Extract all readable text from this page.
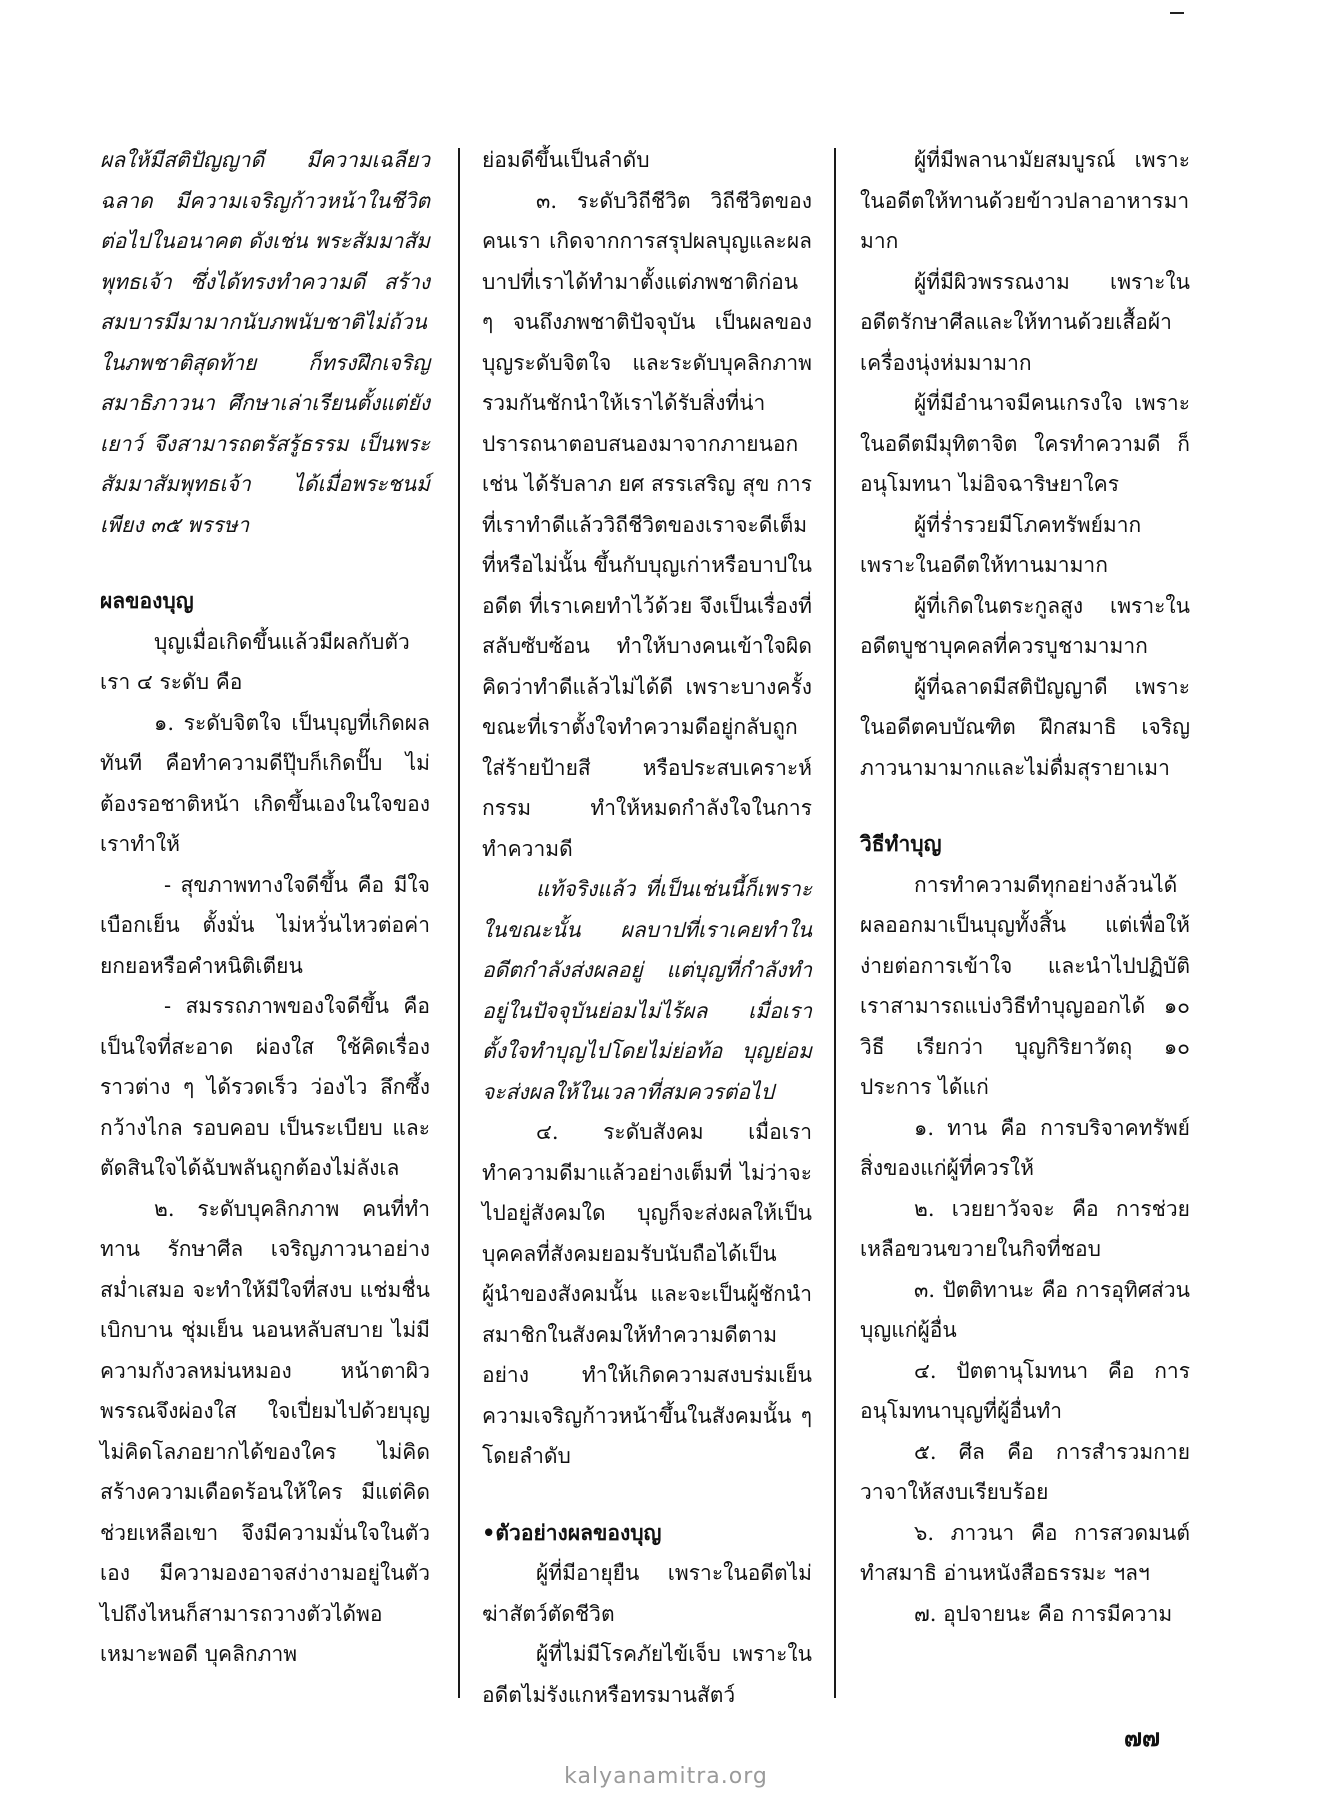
ผลให้มีสติปัญญาดี มีความเฉลียวฉลาด มีความเจริญก้าวหน้าในชีวิตต่อไปในอนาคต ดังเช่น พระสัมมาสัมพุทธเจ้า ซึ่งได้ทรงทำความดี สร้างสมบารมีมามากนับภพนับชาติไม่ถ้วน ในภพชาติสุดท้าย ก็ทรงฝึกเจริญสมาธิภาวนา ศึกษาเล่าเรียนตั้งแต่ยังเยาว์ จึงสามารถตรัสรู้ธรรม เป็นพระสัมมาสัมพุทธเจ้า ได้เมื่อพระชนม์เพียง ๓๕ พรรษา

ผลของบุญ

บุญเมื่อเกิดขึ้นแล้วมีผลกับตัวเรา ๔ ระดับ คือ

๑. ระดับจิตใจ เป็นบุญที่เกิดผลทันที คือทำความดีปุ๊บก็เกิดปั๊บ ไม่ต้องรอชาติหน้า เกิดขึ้นเองในใจของเราทำให้

- สุขภาพทางใจดีขึ้น คือ มีใจเบือกเย็น ตั้งมั่น ไม่หวั่นไหวต่อค่ายกยอหรือคำหนิติเตียน

- สมรรถภาพของใจดีขึ้น คือ เป็นใจที่สะอาด ผ่องใส ใช้คิดเรื่องราวต่าง ๆ ได้รวดเร็ว ว่องไว ลึกซึ้ง กว้างไกล รอบคอบ เป็นระเบียบ และตัดสินใจได้ฉับพลันถูกต้องไม่ลังเล

๒. ระดับบุคลิกภาพ คนที่ทำทาน รักษาศีล เจริญภาวนาอย่างสม่ำเสมอ จะทำให้มีใจที่สงบ แช่มชื่น เบิกบาน ชุ่มเย็น นอนหลับสบาย ไม่มีความกังวลหม่นหมอง หน้าตาผิวพรรณจึงผ่องใส ใจเปี่ยมไปด้วยบุญ ไม่คิดโลภอยากได้ของใคร ไม่คิดสร้างความเดือดร้อนให้ใคร มีแต่คิดช่วยเหลือเขา จึงมีความมั่นใจในตัวเอง มีความองอาจสง่างามอยู่ในตัว ไปถึงไหนก็สามารถวางตัวได้พอเหมาะพอดี บุคลิกภาพ

ย่อมดีขึ้นเป็นลำดับ

๓. ระดับวิถีชีวิต วิถีชีวิตของคนเรา เกิดจากการสรุปผลบุญและผลบาปที่เราได้ทำมาตั้งแต่ภพชาติก่อน ๆ จนถึงภพชาติปัจจุบัน เป็นผลของบุญระดับจิตใจ และระดับบุคลิกภาพ รวมกันชักนำให้เราได้รับสิ่งที่น่าปรารถนาตอบสนองมาจากภายนอก เช่น ได้รับลาภ ยศ สรรเสริญ สุข การที่เราทำดีแล้ววิถีชีวิตของเราจะดีเต็มที่หรือไม่นั้น ขึ้นกับบุญเก่าหรือบาปในอดีต ที่เราเคยทำไว้ด้วย จึงเป็นเรื่องที่สลับซับซ้อน ทำให้บางคนเข้าใจผิด คิดว่าทำดีแล้วไม่ได้ดี เพราะบางครั้งขณะที่เราตั้งใจทำความดีอยู่กลับถูกใส่ร้ายป้ายสี หรือประสบเคราะห์กรรม ทำให้หมดกำลังใจในการทำความดี

แท้จริงแล้ว ที่เป็นเช่นนี้ก็เพราะในขณะนั้น ผลบาปที่เราเคยทำในอดีตกำลังส่งผลอยู่ แต่บุญที่กำลังทำอยู่ในปัจจุบันย่อมไม่ไร้ผล เมื่อเราตั้งใจทำบุญไปโดยไม่ย่อท้อ บุญย่อมจะส่งผลให้ในเวลาที่สมควรต่อไป

๔. ระดับสังคม เมื่อเราทำความดีมาแล้วอย่างเต็มที่ ไม่ว่าจะไปอยู่สังคมใด บุญก็จะส่งผลให้เป็นบุคคลที่สังคมยอมรับนับถือได้เป็นผู้นำของสังคมนั้น และจะเป็นผู้ชักนำสมาชิกในสังคมให้ทำความดีตามอย่าง ทำให้เกิดความสงบร่มเย็น ความเจริญก้าวหน้าขึ้นในสังคมนั้น ๆ โดยลำดับ

•ตัวอย่างผลของบุญ

ผู้ที่มีอายุยืน เพราะในอดีตไม่ฆ่าสัตว์ตัดชีวิต

ผู้ที่ไม่มีโรคภัยไข้เจ็บ เพราะในอดีตไม่รังแกหรือทรมานสัตว์

ผู้ที่มีพลานามัยสมบูรณ์ เพราะในอดีตให้ทานด้วยข้าวปลาอาหารมามาก

ผู้ที่มีผิวพรรณงาม เพราะในอดีตรักษาศีลและให้ทานด้วยเสื้อผ้า เครื่องนุ่งห่มมามาก

ผู้ที่มีอำนาจมีคนเกรงใจ เพราะในอดีตมีมุทิตาจิต ใครทำความดี ก็อนุโมทนา ไม่อิจฉาริษยาใคร

ผู้ที่ร่ำรวยมีโภคทรัพย์มาก เพราะในอดีตให้ทานมามาก

ผู้ที่เกิดในตระกูลสูง เพราะในอดีตบูชาบุคคลที่ควรบูชามามาก

ผู้ที่ฉลาดมีสติปัญญาดี เพราะในอดีตคบบัณฑิต ฝึกสมาธิ เจริญภาวนามามากและไม่ดื่มสุรายาเมา

วิธีทำบุญ

การทำความดีทุกอย่างล้วนได้ผลออกมาเป็นบุญทั้งสิ้น แต่เพื่อให้ง่ายต่อการเข้าใจ และนำไปปฏิบัติ เราสามารถแบ่งวิธีทำบุญออกได้ ๑๐ วิธี เรียกว่า บุญกิริยาวัตถุ ๑๐ ประการ ได้แก่

๑. ทาน คือ การบริจาคทรัพย์สิ่งของแก่ผู้ที่ควรให้

๒. เวยยาวัจจะ คือ การช่วยเหลือขวนขวายในกิจที่ชอบ

๓. ปัตติทานะ คือ การอุทิศส่วนบุญแก่ผู้อื่น

๔. ปัตตานุโมทนา คือ การอนุโมทนาบุญที่ผู้อื่นทำ

๕. ศีล คือ การสำรวมกายวาจาให้สงบเรียบร้อย

๖. ภาวนา คือ การสวดมนต์ ทำสมาธิ อ่านหนังสือธรรมะ ฯลฯ

๗. อุปจายนะ คือ การมีความ

๗๗
kalyanamitra.org
